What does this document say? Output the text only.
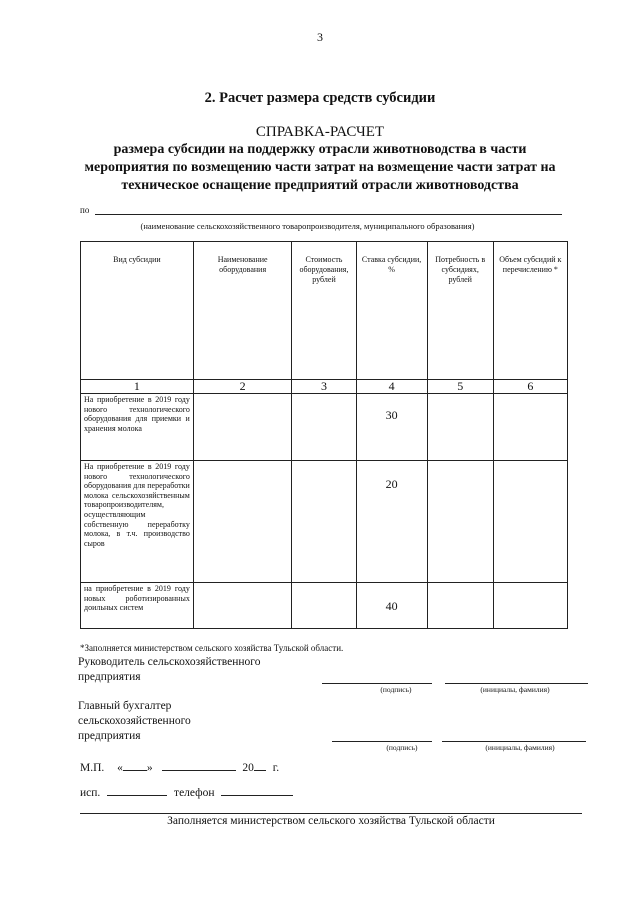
3
2. Расчет размера средств субсидии
СПРАВКА-РАСЧЕТ
размера субсидии на поддержку отрасли животноводства в части
мероприятия по возмещению части затрат на возмещение части затрат на
техническое оснащение предприятий отрасли животноводства
по
(наименование сельскохозяйственного товаропроизводителя, муниципального образования)
Вид субсидии	Наименование оборудования	Стоимость оборудования, рублей	Ставка субсидии, %	Потребность в субсидиях, рублей	Объем субсидий к перечислению *
1	2	3	4	5	6
На приобретение в 2019 году нового технологического оборудования для приемки и хранения молока			30		

На приобретение в 2019 году нового технологического оборудования для переработки молока сельскохозяйственным товаропроизводителям, осуществляющим собственную переработку молока, в т.ч. производство сыров			20		

на приобретение в 2019 году новых роботизированных доильных систем			40		

*Заполняется министерством сельского хозяйства Тульской области.
Руководитель сельскохозяйственного
предприятия
(подпись)	(инициалы, фамилия)
Главный бухгалтер
сельскохозяйственного
предприятия
(подпись)	(инициалы, фамилия)
М.П. « »	20 г.
исп.	телефон
Заполняется министерством сельского хозяйства Тульской области
